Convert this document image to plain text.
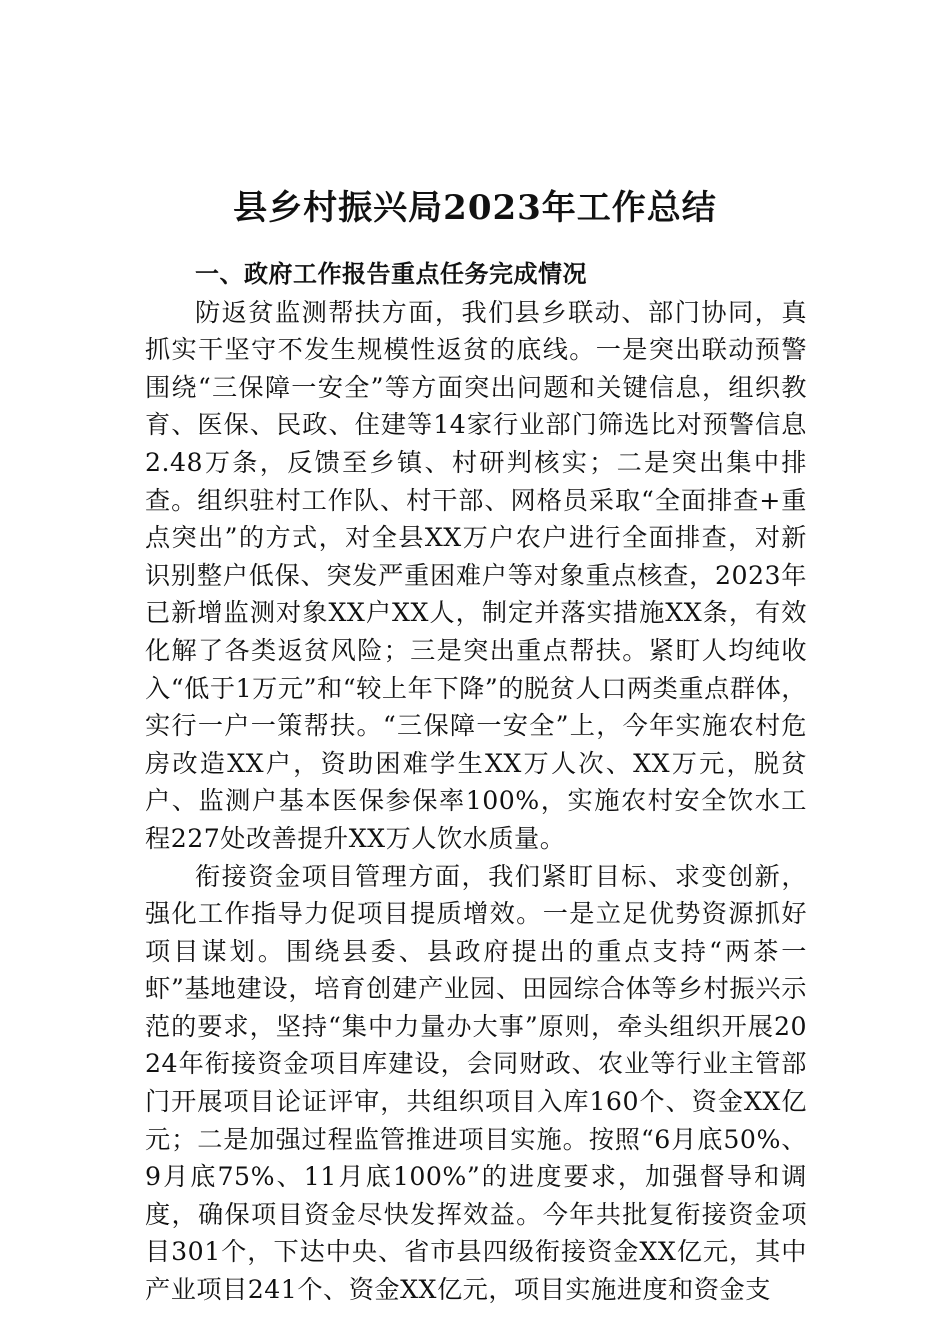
县乡村振兴局2023年工作总结
一、政府工作报告重点任务完成情况

防返贫监测帮扶方面，我们县乡联动、部门协同，真抓实干坚守不发生规模性返贫的底线。一是突出联动预警围绕“三保障一安全”等方面突出问题和关键信息，组织教育、医保、民政、住建等14家行业部门筛选比对预警信息2.48万条，反馈至乡镇、村研判核实；二是突出集中排查。组织驻村工作队、村干部、网格员采取“全面排查+重点突出”的方式，对全县XX万户农户进行全面排查，对新识别整户低保、突发严重困难户等对象重点核查，2023年已新增监测对象XX户XX人，制定并落实措施XX条，有效化解了各类返贫风险；三是突出重点帮扶。紧盯人均纯收入“低于1万元”和“较上年下降”的脱贫人口两类重点群体，实行一户一策帮扶。“三保障一安全”上，今年实施农村危房改造XX户，资助困难学生XX万人次、XX万元，脱贫户、监测户基本医保参保率100%，实施农村安全饮水工程227处改善提升XX万人饮水质量。

衔接资金项目管理方面，我们紧盯目标、求变创新，强化工作指导力促项目提质增效。一是立足优势资源抓好项目谋划。围绕县委、县政府提出的重点支持“两茶一虾”基地建设，培育创建产业园、田园综合体等乡村振兴示范的要求，坚持“集中力量办大事”原则，牵头组织开展2024年衔接资金项目库建设，会同财政、农业等行业主管部门开展项目论证评审，共组织项目入库160个、资金XX亿元；二是加强过程监管推进项目实施。按照“6月底50%、9月底75%、11月底100%”的进度要求，加强督导和调度，确保项目资金尽快发挥效益。今年共批复衔接资金项目301个，下达中央、省市县四级衔接资金XX亿元，其中产业项目241个、资金XX亿元，项目实施进度和资金支
